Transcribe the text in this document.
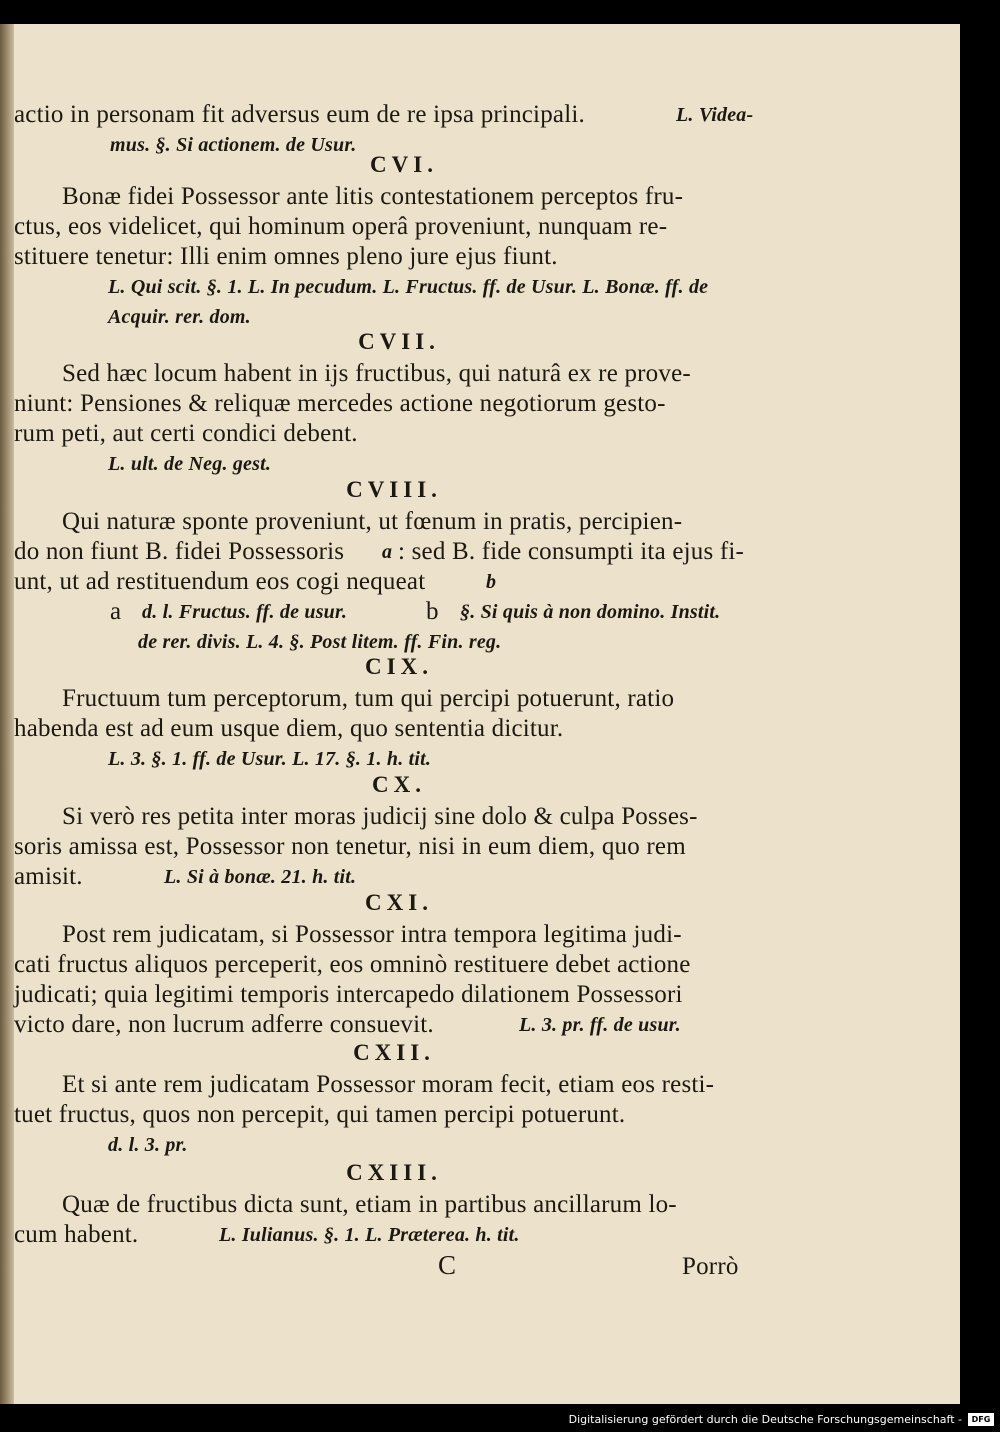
actio in personam fit adversus eum de re ipsa principali.	L. Videa-

mus. §. Si actionem. de Usur.

CVI.

Bonæ fidei Possessor ante litis contestationem perceptos fru-

ctus, eos videlicet, qui hominum operâ proveniunt, nunquam re-

stituere tenetur: Illi enim omnes pleno jure ejus fiunt.

L. Qui scit. §. 1. L. In pecudum. L. Fructus. ff. de Usur. L. Bonæ. ff. de

Acquir. rer. dom.

CVII.

Sed hæc locum habent in ijs fructibus, qui naturâ ex re prove-

niunt: Pensiones & reliquæ mercedes actione negotiorum gesto-

rum peti, aut certi condici debent.

L. ult. de Neg. gest.

CVIII.

Qui naturæ sponte proveniunt, ut fœnum in pratis, percipien-

do non fiunt B. fidei Possessoris a : sed B. fide consumpti ita ejus fi-

unt, ut ad restituendum eos cogi nequeat	b

a d. l. Fructus. ff. de usur.	b §. Si quis à non domino. Instit.

de rer. divis. L. 4. §. Post litem. ff. Fin. reg.

CIX.

Fructuum tum perceptorum, tum qui percipi potuerunt, ratio

habenda est ad eum usque diem, quo sententia dicitur.

L. 3. §. 1. ff. de Usur. L. 17. §. 1. h. tit.

CX.

Si verò res petita inter moras judicij sine dolo & culpa Posses-

soris amissa est, Possessor non tenetur, nisi in eum diem, quo rem

amisit.	L. Si à bonæ. 21. h. tit.

CXI.

Post rem judicatam, si Possessor intra tempora legitima judi-

cati fructus aliquos perceperit, eos omninò restituere debet actione

judicati; quia legitimi temporis intercapedo dilationem Possessori

victo dare, non lucrum adferre consuevit.	L. 3. pr. ff. de usur.

CXII.

Et si ante rem judicatam Possessor moram fecit, etiam eos resti-

tuet fructus, quos non percepit, qui tamen percipi potuerunt.

d. l. 3. pr.

CXIII.

Quæ de fructibus dicta sunt, etiam in partibus ancillarum lo-

cum habent.	L. Iulianus. §. 1. L. Præterea. h. tit.

C	Porrò

Digitalisierung gefördert durch die Deutsche Forschungsgemeinschaft -	DFG
